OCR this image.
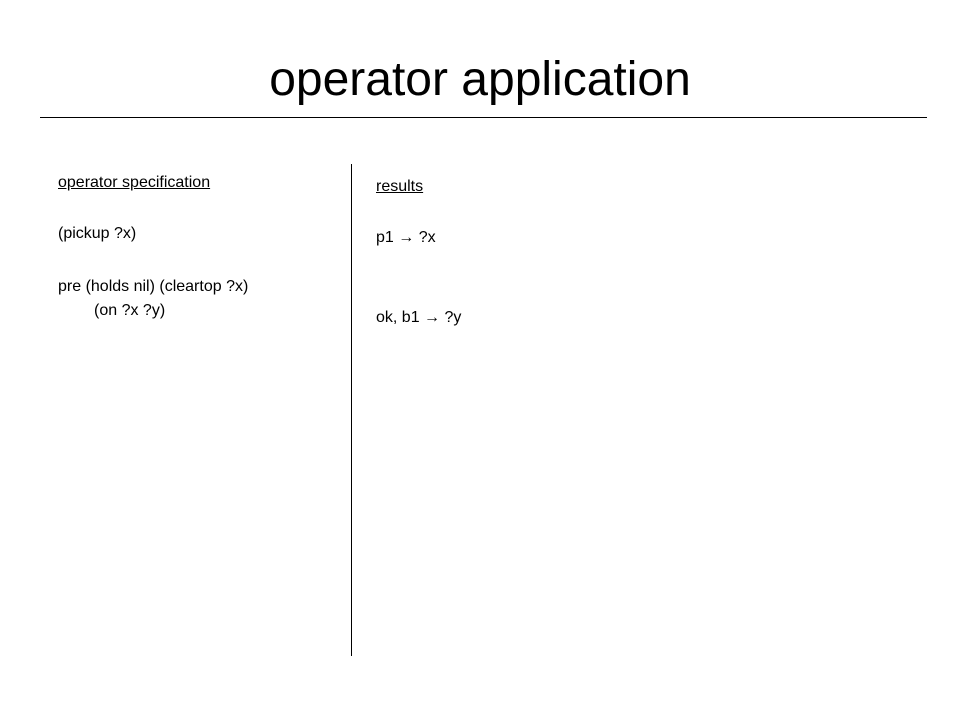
operator application
operator specification
(pickup ?x)
pre (holds nil) (cleartop ?x)
(on ?x ?y)
results
p1 → ?x
ok, b1 → ?y
